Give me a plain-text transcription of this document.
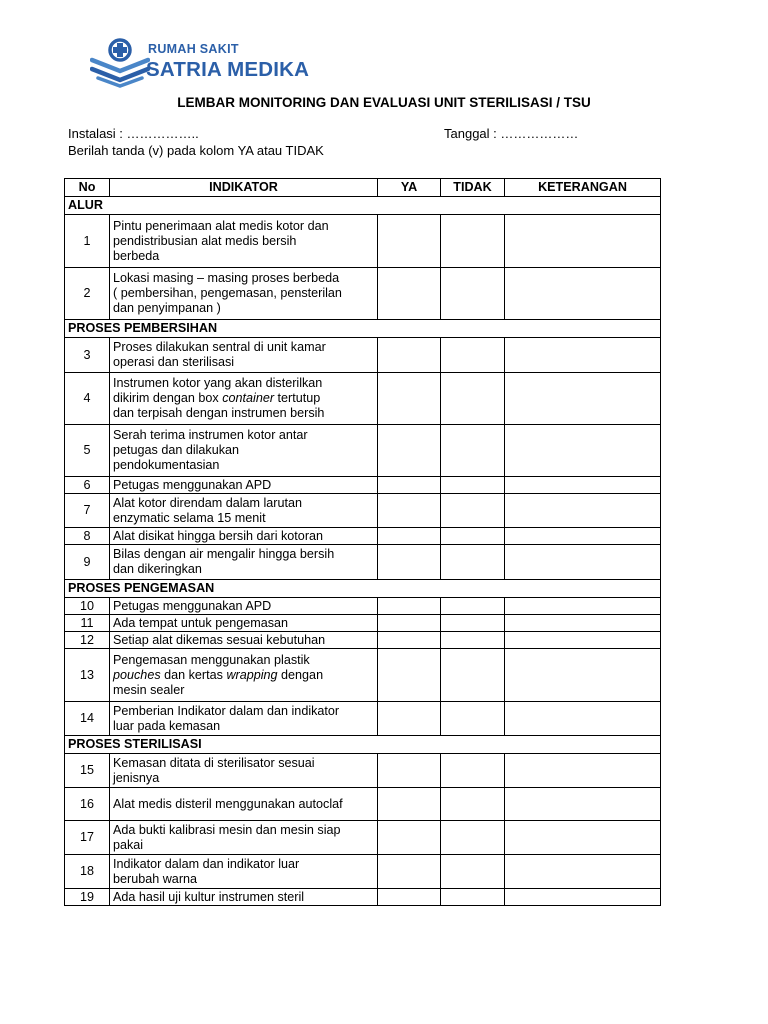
RUMAH SAKIT
SATRIA MEDIKA
LEMBAR MONITORING DAN EVALUASI UNIT STERILISASI / TSU
Instalasi : ……………..	Tanggal : ………………
Berilah tanda (v) pada kolom YA atau TIDAK
No	INDIKATOR	YA	TIDAK	KETERANGAN
ALUR				
1	Pintu penerimaan alat medis kotor dan
pendistribusian alat medis bersih
berbeda			
2	Lokasi masing – masing proses berbeda
( pembersihan, pengemasan, pensterilan
dan penyimpanan )			
PROSES PEMBERSIHAN				
3	Proses dilakukan sentral di unit kamar
operasi dan sterilisasi			
4	Instrumen kotor yang akan disterilkan
dikirim dengan box container tertutup
dan terpisah dengan instrumen bersih			
5	Serah terima instrumen kotor antar
petugas dan dilakukan
pendokumentasian			
6	Petugas menggunakan APD			
7	Alat kotor direndam dalam larutan
enzymatic selama 15 menit			
8	Alat disikat hingga bersih dari kotoran			
9	Bilas dengan air mengalir hingga bersih
dan dikeringkan			
PROSES PENGEMASAN				
10	Petugas menggunakan APD			
11	Ada tempat untuk pengemasan			
12	Setiap alat dikemas sesuai kebutuhan			
13	Pengemasan menggunakan plastik
pouches dan kertas wrapping dengan
mesin sealer			
14	Pemberian Indikator dalam dan indikator
luar pada kemasan			
PROSES STERILISASI				
15	Kemasan ditata di sterilisator sesuai
jenisnya			
16	Alat medis disteril menggunakan autoclaf			
17	Ada bukti kalibrasi mesin dan mesin siap
pakai			
18	Indikator dalam dan indikator luar
berubah warna			
19	Ada hasil uji kultur instrumen steril			
